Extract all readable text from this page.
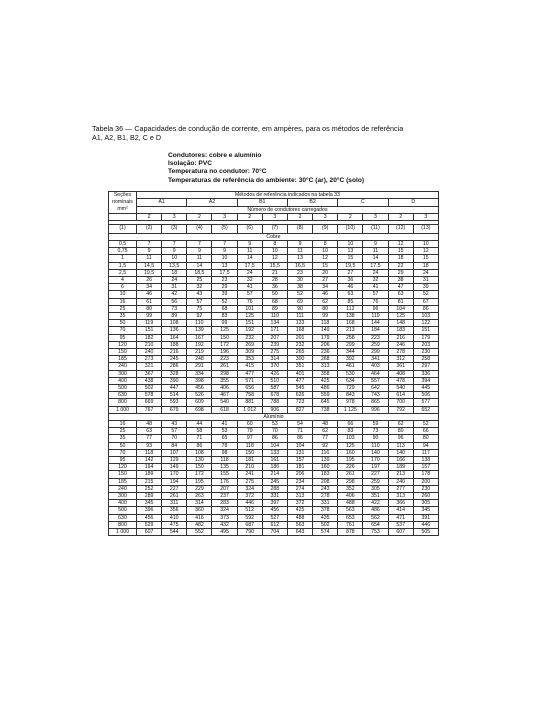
Tabela 36 — Capacidades de condução de corrente, em ampères, para os métodos de referência
A1, A2, B1, B2, C e D
Condutores: cobre e alumínio
Isolação: PVC
Temperatura no condutor: 70°C
Temperaturas de referência do ambiente: 30°C (ar), 20°C (solo)
Seções
nominais
mm²	Métodos de referência indicados na tabela 33											
	A1		A2		B1		B2		C		D	
	Número de condutores carregados											
	2	3	2	3	2	3	2	3	2	3	2	3

(1)	(2)	(3)	(4)	(5)	(6)	(7)	(8)	(9)	(10)	(11)	(12)	(13)
Cobre												
0,5	7	7	7	7	9	8	9	8	10	9	12	10
0,75	9	9	9	9	11	10	11	10	13	11	15	12
1	11	10	11	10	14	12	13	12	15	14	18	15
1,5	14,5	13,5	14	13	17,5	15,5	16,5	15	19,5	17,5	22	18
2,5	19,5	18	18,5	17,5	24	21	23	20	27	24	29	24
4	26	24	25	23	32	28	30	27	36	32	38	31
6	34	31	32	29	41	36	38	34	46	41	47	39
10	46	42	43	39	57	50	52	46	63	57	63	52
16	61	56	57	52	76	68	69	62	85	76	81	67
25	80	73	75	68	101	89	90	80	112	96	104	86
35	99	89	92	83	125	110	111	99	138	119	125	103
50	119	108	110	99	151	134	133	118	168	144	148	122
70	151	136	139	125	192	171	168	149	213	184	183	151
95	182	164	167	150	232	207	201	179	258	223	216	179
120	210	188	192	172	269	239	232	206	299	259	246	203
150	240	216	219	196	309	275	265	236	344	299	278	230
185	273	245	248	223	353	314	300	268	392	341	312	258
240	321	286	291	261	415	370	351	313	461	403	361	297
300	367	328	334	298	477	426	401	358	530	464	408	336
400	438	390	398	355	571	510	477	425	634	557	478	394
500	502	447	456	406	656	587	545	486	729	642	540	445
630	578	514	526	467	758	678	626	559	843	743	614	506
800	669	593	609	540	881	788	723	645	978	865	700	577
1 000	767	679	698	618	1 012	906	827	738	1 125	996	792	652
Alumínio												
16	48	43	44	41	60	53	54	48	66	59	62	52
25	63	57	58	53	79	70	71	62	83	73	80	66
35	77	70	71	65	97	86	86	77	103	90	96	80
50	93	84	86	78	118	104	104	92	125	110	113	94
70	118	107	108	98	150	133	131	116	160	140	140	117
95	142	129	130	118	181	161	157	139	195	170	166	138
120	164	149	150	135	210	186	181	160	226	197	189	157
150	189	170	172	155	241	214	206	183	261	227	213	178
185	215	194	195	176	275	245	234	208	298	259	240	200
240	252	227	229	207	324	288	274	243	352	305	277	230
300	289	261	263	237	372	331	313	278	406	351	313	260
400	345	311	314	283	446	397	372	331	488	422	366	305
500	396	356	360	324	512	456	425	378	563	486	414	345
630	456	410	416	373	592	527	488	435	653	562	471	391
800	529	475	482	432	687	612	563	502	761	654	537	446
1 000	607	544	552	495	790	704	643	574	878	753	607	505
